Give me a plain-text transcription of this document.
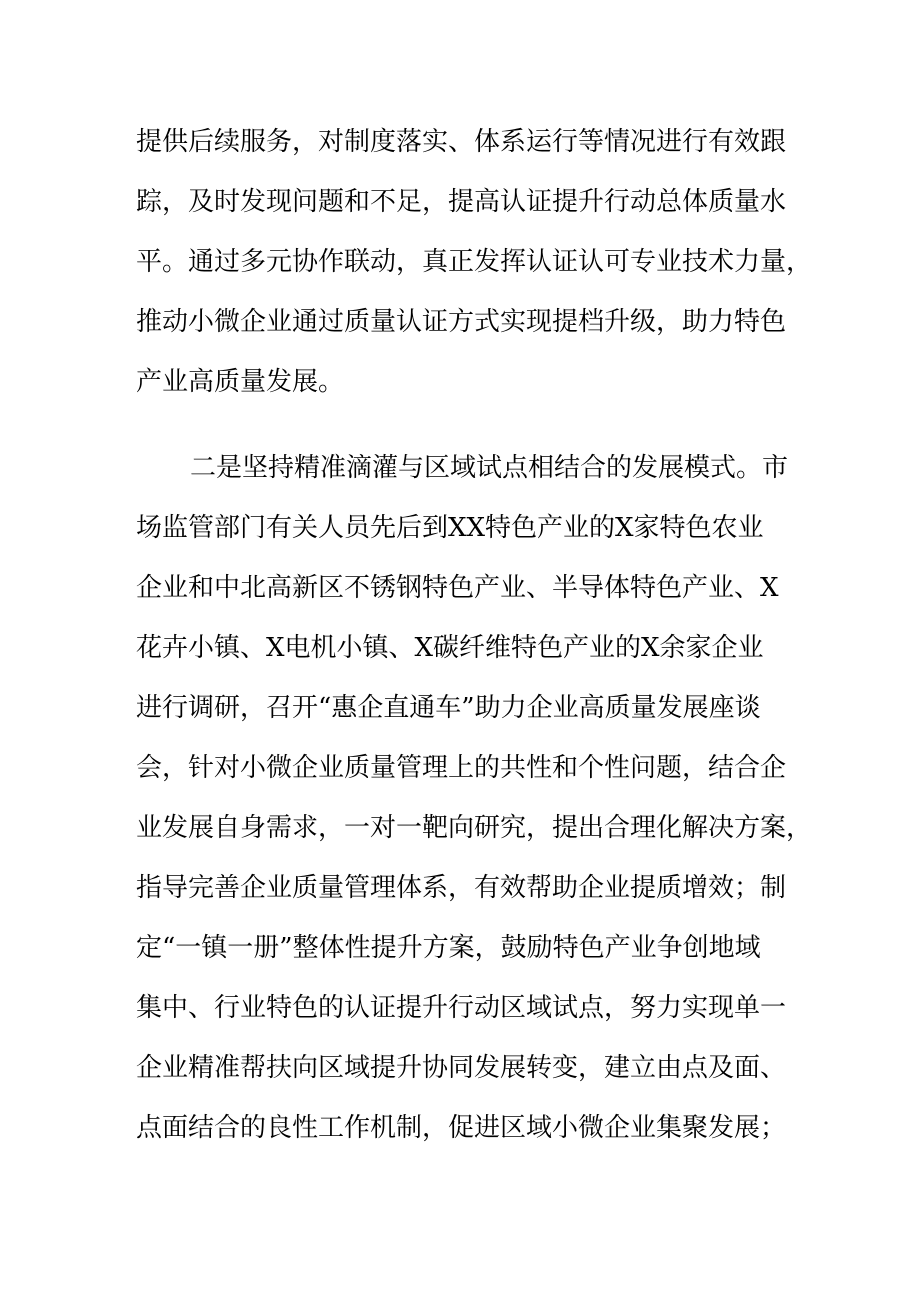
提供后续服务，对制度落实、体系运行等情况进行有效跟
踪，及时发现问题和不足，提高认证提升行动总体质量水
平。通过多元协作联动，真正发挥认证认可专业技术力量，
推动小微企业通过质量认证方式实现提档升级，助力特色
产业高质量发展。
二是坚持精准滴灌与区域试点相结合的发展模式。市
场监管部门有关人员先后到XX特色产业的X家特色农业
企业和中北高新区不锈钢特色产业、半导体特色产业、X
花卉小镇、X电机小镇、X碳纤维特色产业的X余家企业
进行调研，召开“惠企直通车”助力企业高质量发展座谈
会，针对小微企业质量管理上的共性和个性问题，结合企
业发展自身需求，一对一靶向研究，提出合理化解决方案，
指导完善企业质量管理体系，有效帮助企业提质增效；制
定“一镇一册”整体性提升方案，鼓励特色产业争创地域
集中、行业特色的认证提升行动区域试点，努力实现单一
企业精准帮扶向区域提升协同发展转变，建立由点及面、
点面结合的良性工作机制，促进区域小微企业集聚发展；
